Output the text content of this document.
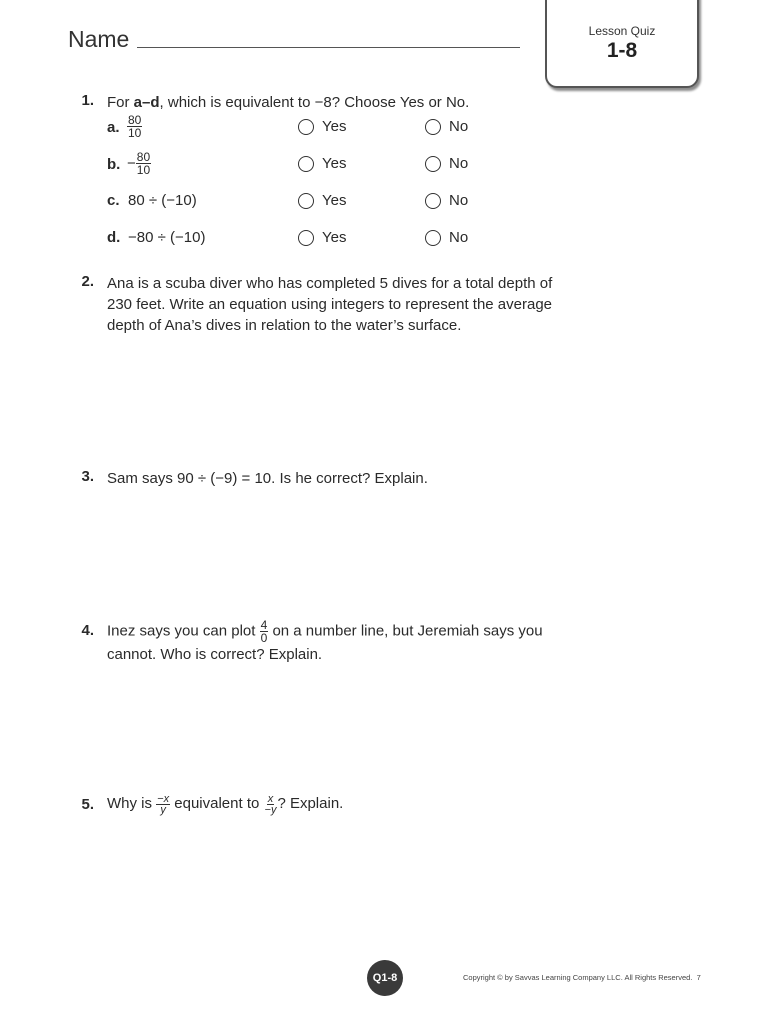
Name	Lesson Quiz
1-8
1. For a–d, which is equivalent to −8? Choose Yes or No.
a. $\frac{80}{10}$	Yes	No
b. − $\frac{80}{10}$	Yes	No
c. 80 ÷ (−10)	Yes	No
d. −80 ÷ (−10)	Yes	No
2. Ana is a scuba diver who has completed 5 dives for a total depth of
230 feet. Write an equation using integers to represent the average
depth of Ana’s dives in relation to the water’s surface.
3. Sam says 90 ÷ (−9) = 10. Is he correct? Explain.
4. Inez says you can plot $\frac{4}{0}$ on a number line, but Jeremiah says you
cannot. Who is correct? Explain.
5. Why is $\frac{-x}{y}$ equivalent to $\frac{x}{-y}$ ? Explain.
Q1-8	Copyright © by Savvas Learning Company LLC. All Rights Reserved. 7
